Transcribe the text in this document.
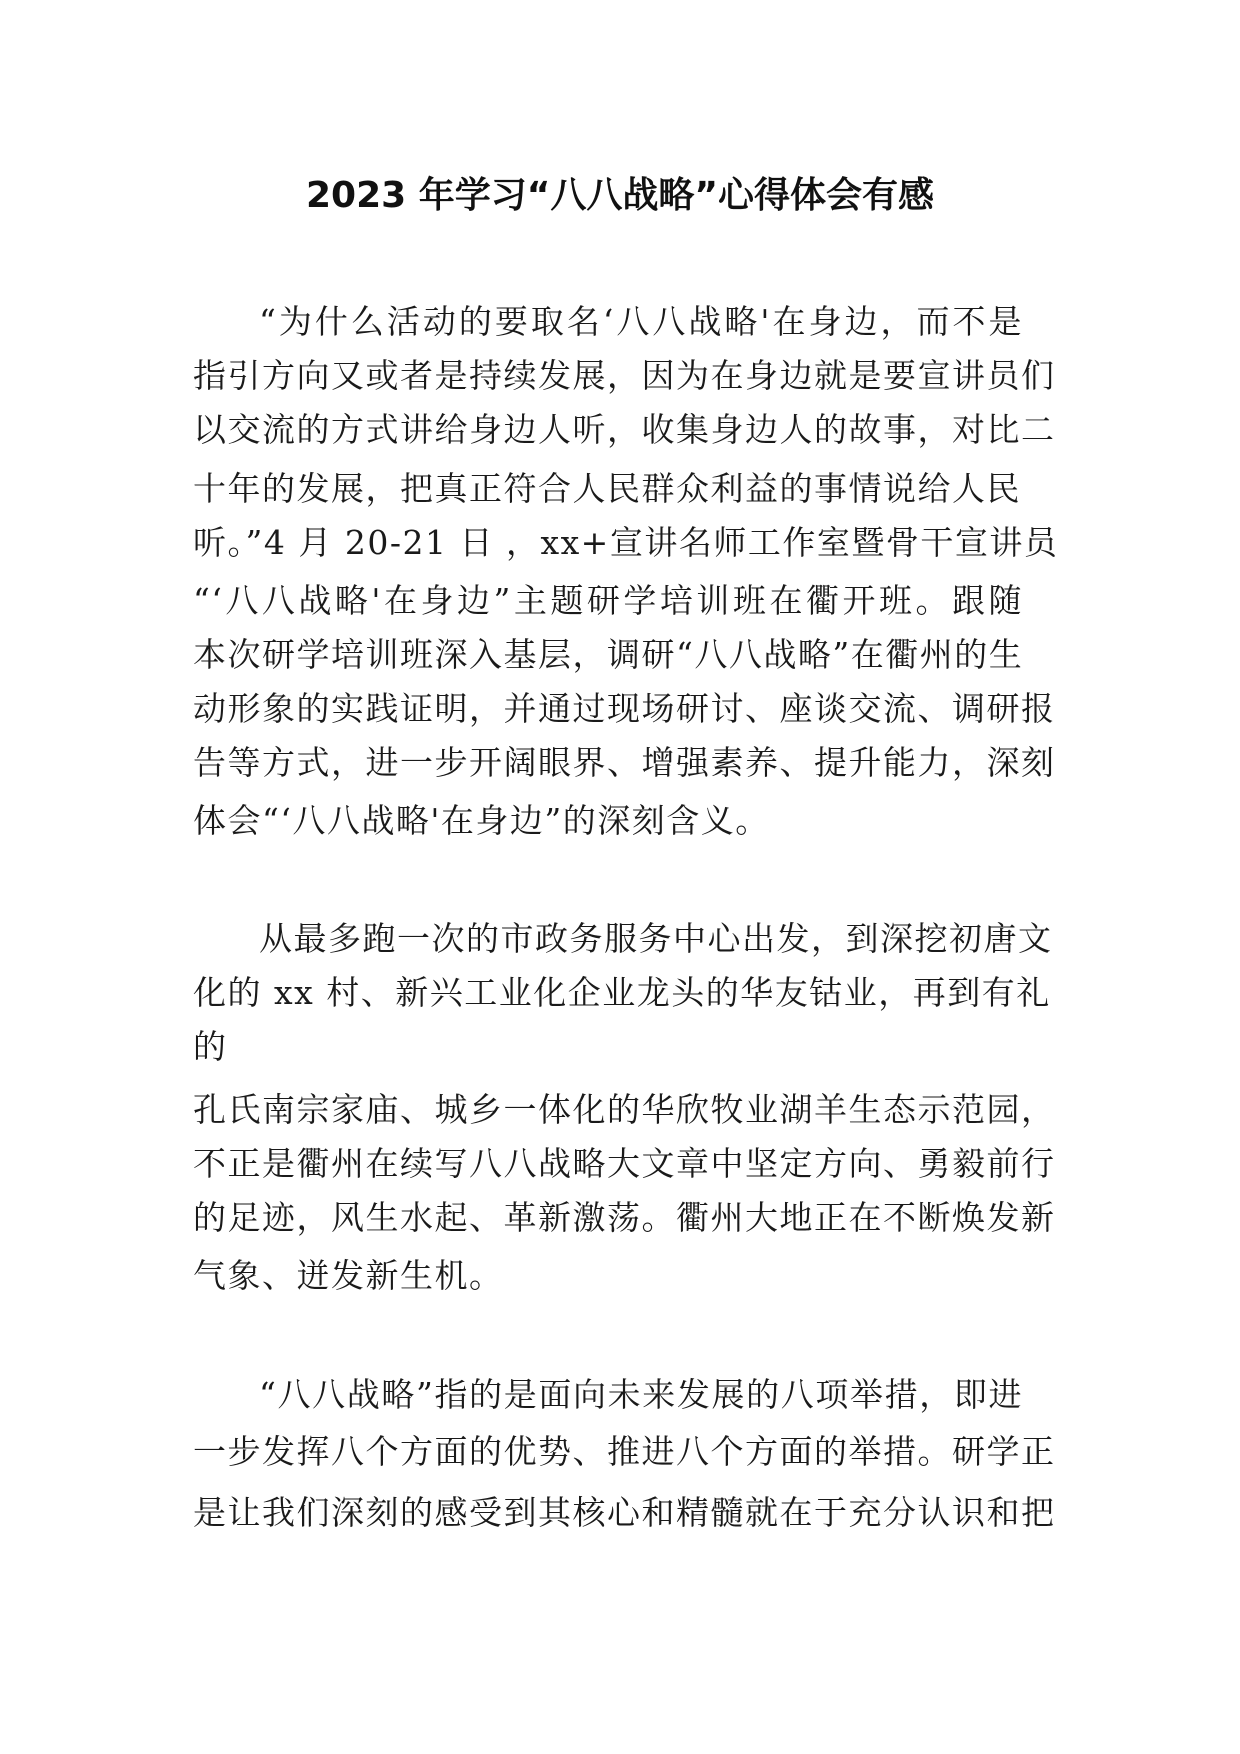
2023 年学习“八八战略”心得体会有感
“为什么活动的要取名‘八八战略'在身边，而不是
指引方向又或者是持续发展，因为在身边就是要宣讲员们
以交流的方式讲给身边人听，收集身边人的故事，对比二
十年的发展，把真正符合人民群众利益的事情说给人民
听。”4 月 20-21 日 ，xx+宣讲名师工作室暨骨干宣讲员
“‘八八战略'在身边”主题研学培训班在衢开班。跟随
本次研学培训班深入基层，调研“八八战略”在衢州的生
动形象的实践证明，并通过现场研讨、座谈交流、调研报
告等方式，进一步开阔眼界、增强素养、提升能力，深刻
体会“‘八八战略'在身边”的深刻含义。
从最多跑一次的市政务服务中心出发，到深挖初唐文
化的 xx 村、新兴工业化企业龙头的华友钴业，再到有礼
的
孔氏南宗家庙、城乡一体化的华欣牧业湖羊生态示范园，
不正是衢州在续写八八战略大文章中坚定方向、勇毅前行
的足迹，风生水起、革新激荡。衢州大地正在不断焕发新
气象、迸发新生机。
“八八战略”指的是面向未来发展的八项举措，即进
一步发挥八个方面的优势、推进八个方面的举措。研学正
是让我们深刻的感受到其核心和精髓就在于充分认识和把
